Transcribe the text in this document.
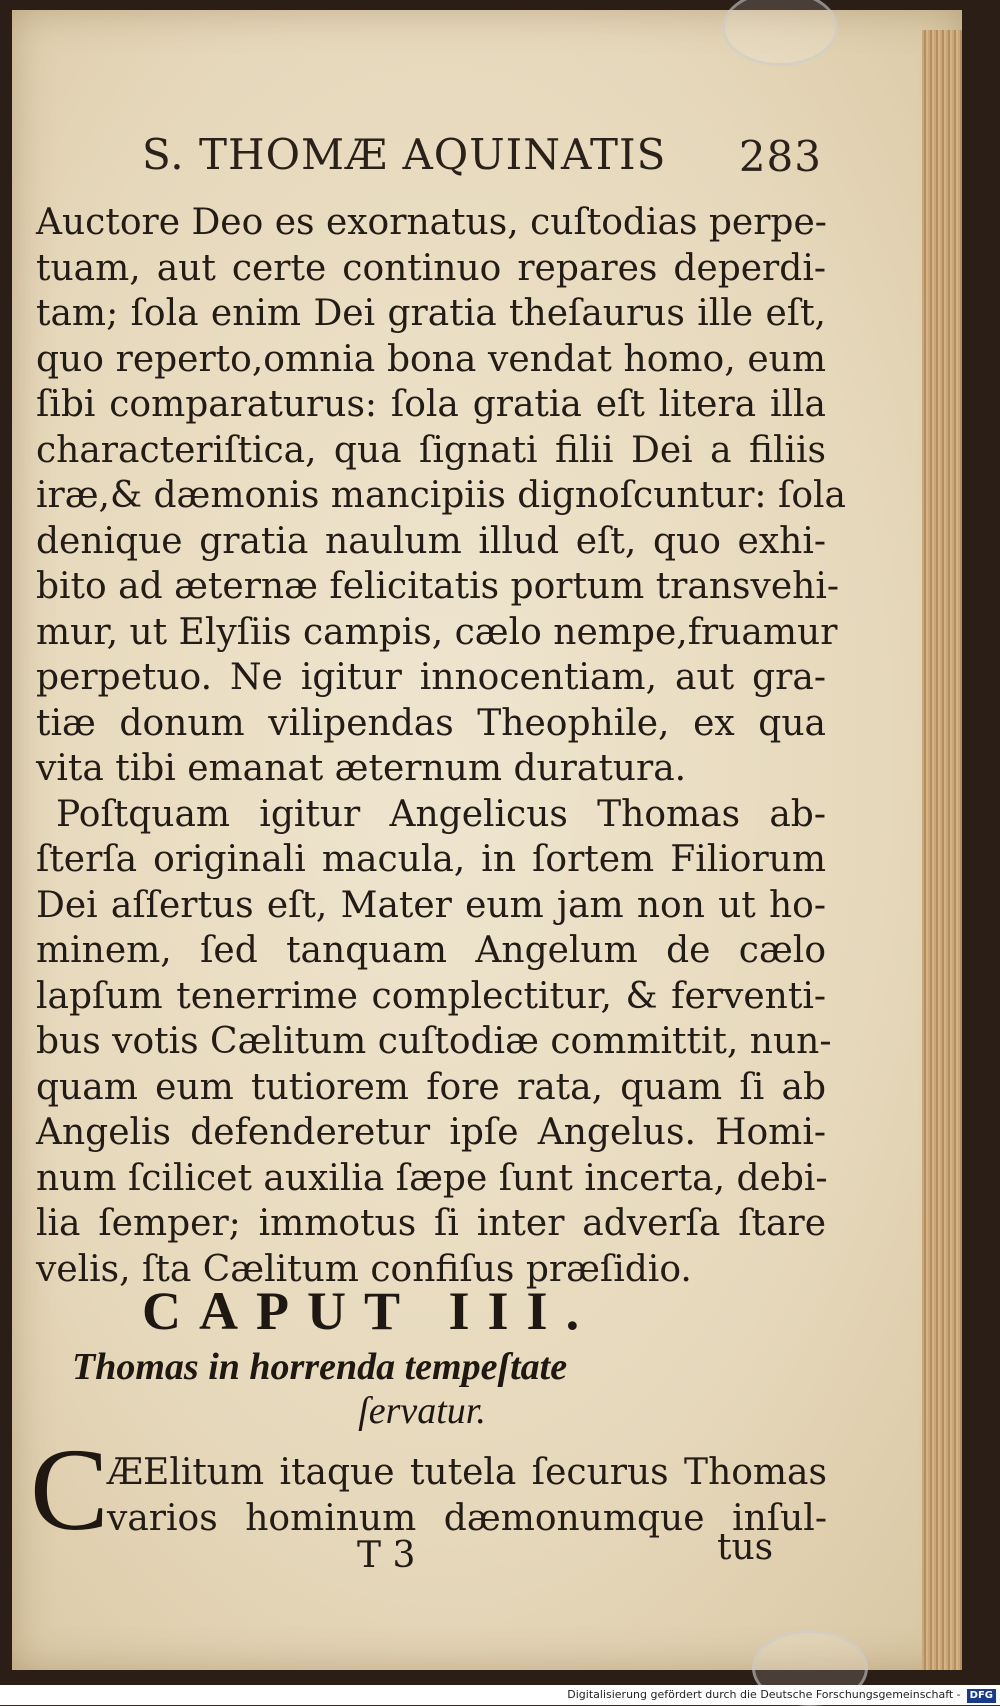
S. THOMÆ AQUINATIS 283
Auctore Deo es exornatus, cuſtodias perpe-
tuam, aut certe continuo repares deperdi-
tam; ſola enim Dei gratia theſaurus ille eſt,
quo reperto,omnia bona vendat homo, eum
ſibi comparaturus: ſola gratia eſt litera illa
characteriſtica, qua ſignati filii Dei a filiis
iræ,& dæmonis mancipiis dignoſcuntur: ſola
denique gratia naulum illud eſt, quo exhi-
bito ad æternæ felicitatis portum transvehi-
mur, ut Elyſiis campis, cælo nempe,fruamur
perpetuo. Ne igitur innocentiam, aut gra-
tiæ donum vilipendas Theophile, ex qua
vita tibi emanat æternum duratura.
Poſtquam igitur Angelicus Thomas ab-
ſterſa originali macula, in ſortem Filiorum
Dei aſſertus eſt, Mater eum jam non ut ho-
minem, ſed tanquam Angelum de cælo
lapſum tenerrime complectitur, & ferventi-
bus votis Cælitum cuſtodiæ committit, nun-
quam eum tutiorem fore rata, quam ſi ab
Angelis defenderetur ipſe Angelus. Homi-
num ſcilicet auxilia ſæpe ſunt incerta, debi-
lia ſemper; immotus ſi inter adverſa ſtare
velis, ſta Cælitum confiſus præſidio.
CAPUT III.
Thomas in horrenda tempeſtate
ſervatur.
C
ÆElitum itaque tutela ſecurus Thomas
varios hominum dæmonumque inſul-
T 3	tus
Digitalisierung gefördert durch die Deutsche Forschungsgemeinschaft - DFG
